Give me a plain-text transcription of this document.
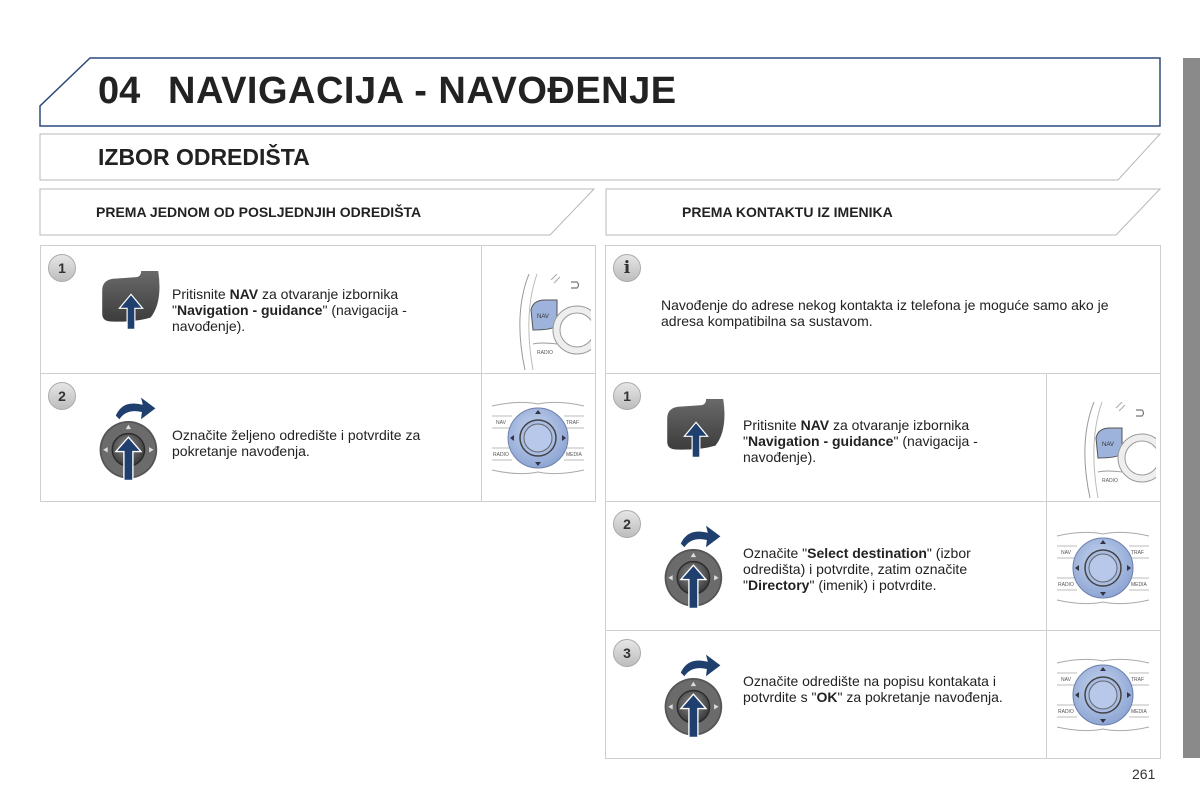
04 NAVIGACIJA - NAVOĐENJE
IZBOR ODREDIŠTA
PREMA JEDNOM OD POSLJEDNJIH ODREDIŠTA	PREMA KONTAKTU IZ IMENIKA
1
Pritisnite NAV za otvaranje izbornika "Navigation - guidance" (navigacija - navođenje).
2
Označite željeno odredište i potvrdite za pokretanje navođenja.
i
Navođenje do adrese nekog kontakta iz telefona je moguće samo ako je adresa kompatibilna sa sustavom.
1
Pritisnite NAV za otvaranje izbornika "Navigation - guidance" (navigacija - navođenje).
2
Označite "Select destination" (izbor odredišta) i potvrdite, zatim označite "Directory" (imenik) i potvrdite.
3
Označite odredište na popisu kontakata i potvrdite s "OK" za pokretanje navođenja.
261
